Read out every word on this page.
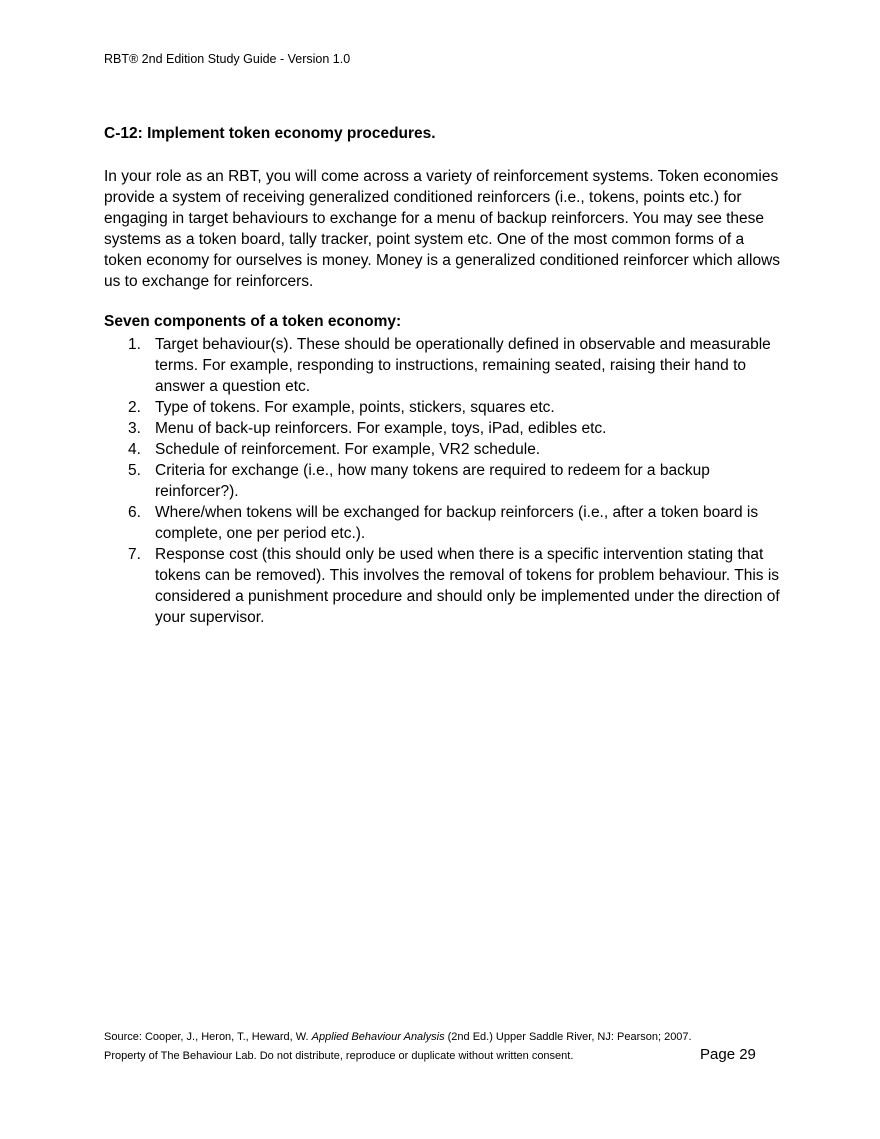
RBT® 2nd Edition Study Guide - Version 1.0
C-12: Implement token economy procedures.

In your role as an RBT, you will come across a variety of reinforcement systems. Token economies provide a system of receiving generalized conditioned reinforcers (i.e., tokens, points etc.) for engaging in target behaviours to exchange for a menu of backup reinforcers. You may see these systems as a token board, tally tracker, point system etc. One of the most common forms of a token economy for ourselves is money. Money is a generalized conditioned reinforcer which allows us to exchange for reinforcers.

Seven components of a token economy:

1. Target behaviour(s). These should be operationally defined in observable and measurable terms. For example, responding to instructions, remaining seated, raising their hand to answer a question etc.
2. Type of tokens. For example, points, stickers, squares etc.
3. Menu of back-up reinforcers. For example, toys, iPad, edibles etc.
4. Schedule of reinforcement. For example, VR2 schedule.
5. Criteria for exchange (i.e., how many tokens are required to redeem for a backup reinforcer?).
6. Where/when tokens will be exchanged for backup reinforcers (i.e., after a token board is complete, one per period etc.).
7. Response cost (this should only be used when there is a specific intervention stating that tokens can be removed). This involves the removal of tokens for problem behaviour. This is considered a punishment procedure and should only be implemented under the direction of your supervisor.
Source: Cooper, J., Heron, T., Heward, W. Applied Behaviour Analysis (2nd Ed.) Upper Saddle River, NJ: Pearson; 2007.
Property of The Behaviour Lab. Do not distribute, reproduce or duplicate without written consent.	Page 29
